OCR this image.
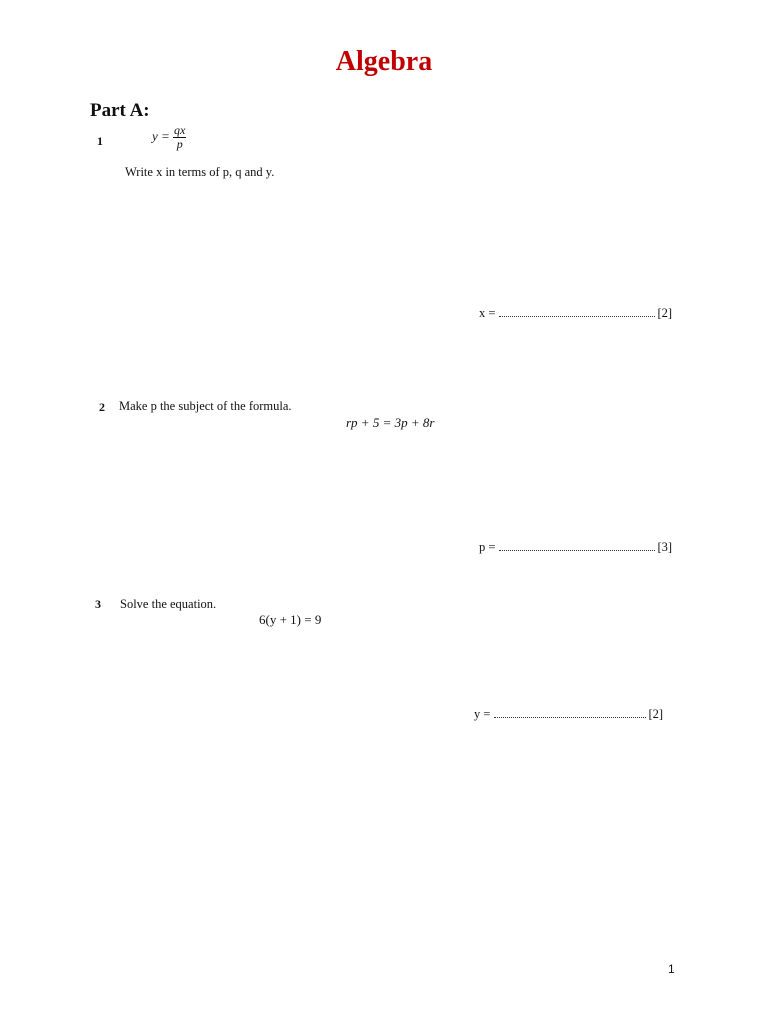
Algebra
Part A:
1	$y = \frac{qx}{p}$
Write x in terms of p, q and y.
x =	[2]
2 Make p the subject of the formula.
rp + 5 = 3p + 8r
p =	[3]
3 Solve the equation.
6(y + 1) = 9
y =	[2]
1
